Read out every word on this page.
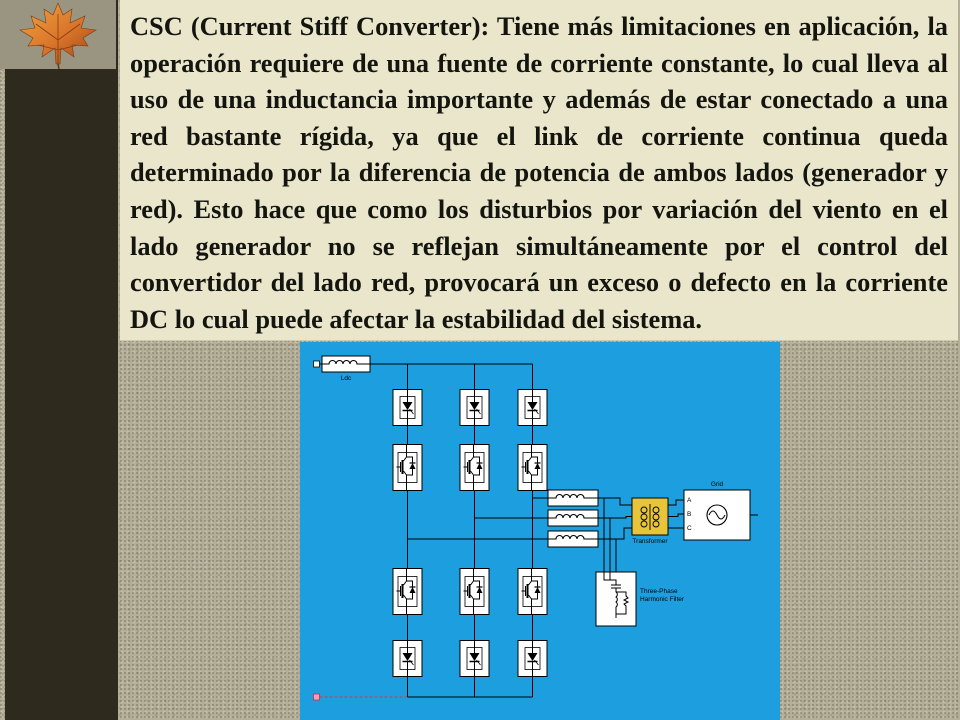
CSC (Current Stiff Converter): Tiene más limitaciones en aplicación, la
operación requiere de una fuente de corriente constante, lo cual lleva al
uso de una inductancia importante y además de estar conectado a una
red bastante rígida, ya que el link de corriente continua queda
determinado por la diferencia de potencia de ambos lados (generador y
red). Esto hace que como los disturbios por variación del viento en el
lado generador no se reflejan simultáneamente por el control del
convertidor del lado red, provocará un exceso o defecto en la corriente
DC lo cual puede afectar la estabilidad del sistema.
Ldc
Transformer
Grid
A
B
C
Three-Phase
Harmonic Filter
